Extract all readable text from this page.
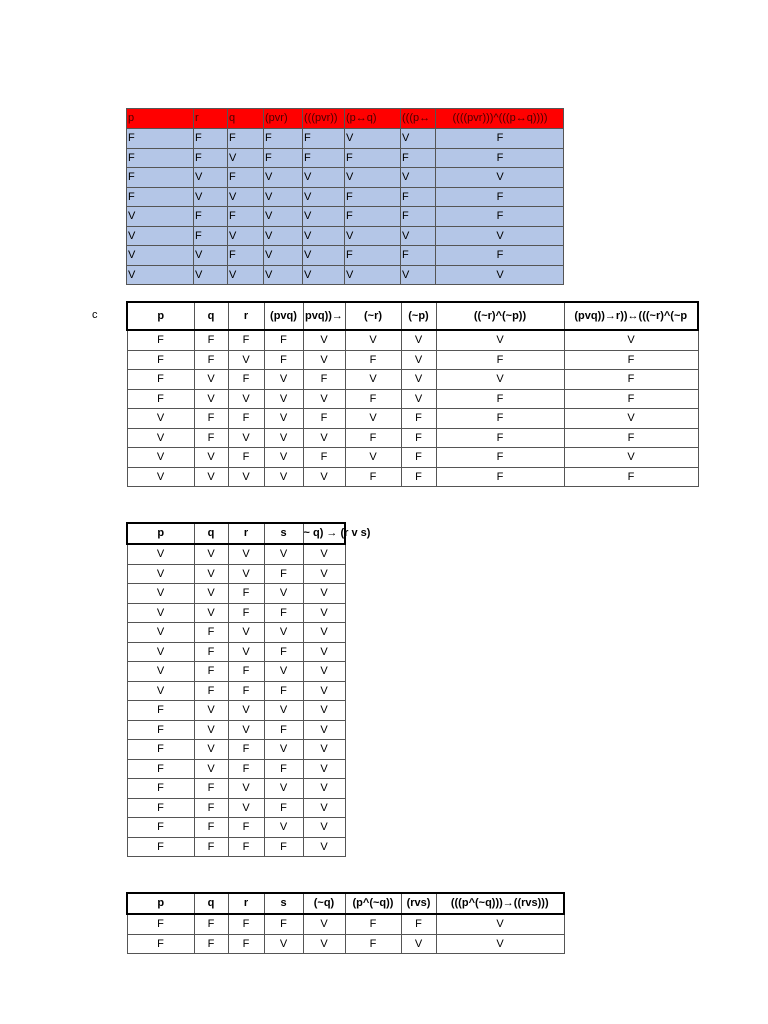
c
p	r	q	(pvr)	(((pvr))	(p↔q)	(((p↔	((((pvr)))^(((p↔q))))
F	F	F	F	F	V	V	F
F	F	V	F	F	F	F	F
F	V	F	V	V	V	V	V
F	V	V	V	V	F	F	F
V	F	F	V	V	F	F	F
V	F	V	V	V	V	V	V
V	V	F	V	V	F	F	F
V	V	V	V	V	V	V	V
p	q	r	(pvq)	pvq))→	(~r)	(~p)	((~r)^(~p))	(pvq))→r))↔(((~r)^(~p
F	F	F	F	V	V	V	V	V
F	F	V	F	V	F	V	F	F
F	V	F	V	F	V	V	V	F
F	V	V	V	V	F	V	F	F
V	F	F	V	F	V	F	F	V
V	F	V	V	V	F	F	F	F
V	V	F	V	F	V	F	F	V
V	V	V	V	V	F	F	F	F
p	q	r	s	~ q) → (r v s)

V	V	V	V	V
V	V	V	F	V
V	V	F	V	V
V	V	F	F	V
V	F	V	V	V
V	F	V	F	V
V	F	F	V	V
V	F	F	F	V
F	V	V	V	V
F	V	V	F	V
F	V	F	V	V
F	V	F	F	V
F	F	V	V	V
F	F	V	F	V
F	F	F	V	V
F	F	F	F	V
p	q	r	s	(~q)	(p^(~q))	(rvs)	(((p^(~q)))→((rvs)))
F	F	F	F	V	F	F	V
F	F	F	V	V	F	V	V
